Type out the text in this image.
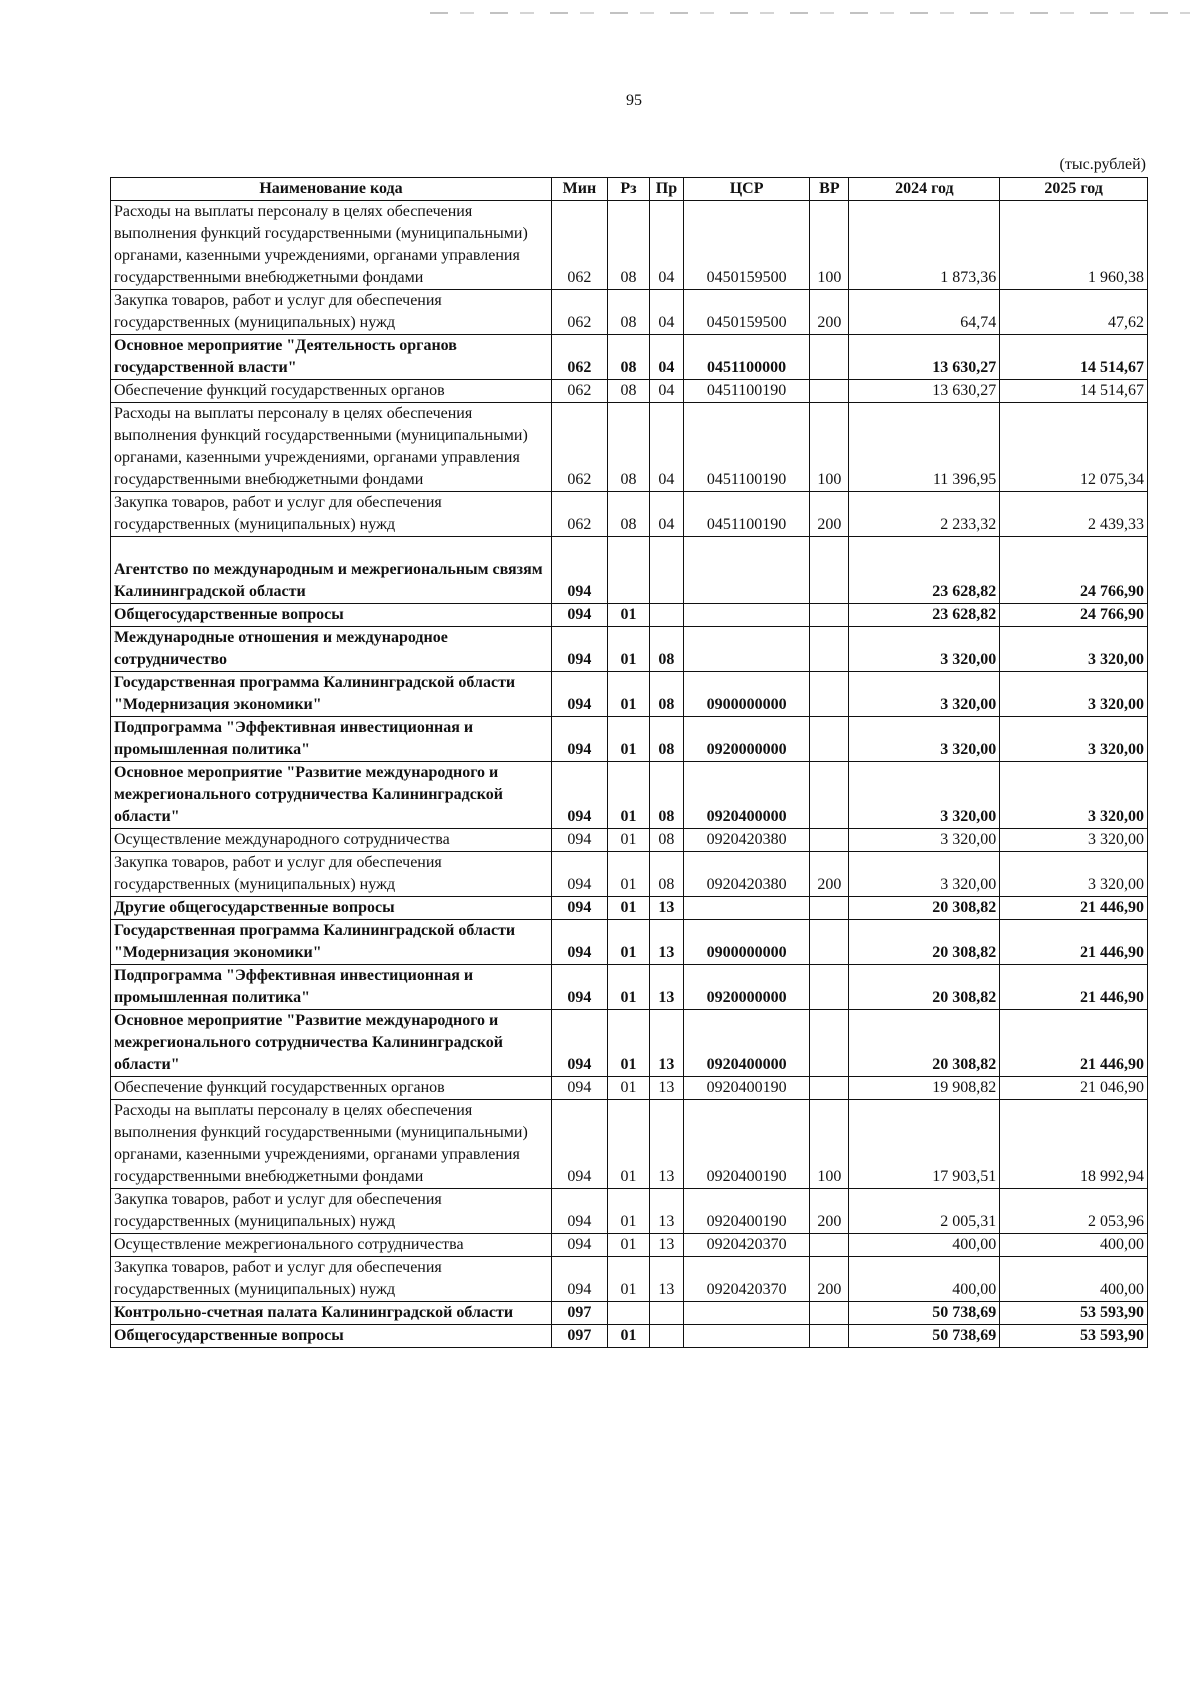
95
(тыс.рублей)
Наименование кода	Мин	Рз	Пр	ЦСР	ВР	2024 год	2025 год
Расходы на выплаты персоналу в целях обеспечения выполнения функций государственными (муниципальными) органами, казенными учреждениями, органами управления государственными внебюджетными фондами	062	08	04	0450159500	100	1 873,36	1 960,38
Закупка товаров, работ и услуг для обеспечения государственных (муниципальных) нужд	062	08	04	0450159500	200	64,74	47,62
Основное мероприятие "Деятельность органов государственной власти"	062	08	04	0451100000		13 630,27	14 514,67
Обеспечение функций государственных органов	062	08	04	0451100190		13 630,27	14 514,67
Расходы на выплаты персоналу в целях обеспечения выполнения функций государственными (муниципальными) органами, казенными учреждениями, органами управления государственными внебюджетными фондами	062	08	04	0451100190	100	11 396,95	12 075,34
Закупка товаров, работ и услуг для обеспечения государственных (муниципальных) нужд	062	08	04	0451100190	200	2 233,32	2 439,33
Агентство по международным и межрегиональным связям Калининградской области	094					23 628,82	24 766,90
Общегосударственные вопросы	094	01				23 628,82	24 766,90
Международные отношения и международное сотрудничество	094	01	08			3 320,00	3 320,00
Государственная программа Калининградской области "Модернизация экономики"	094	01	08	0900000000		3 320,00	3 320,00
Подпрограмма "Эффективная инвестиционная и промышленная политика"	094	01	08	0920000000		3 320,00	3 320,00
Основное мероприятие "Развитие международного и межрегионального сотрудничества Калининградской области"	094	01	08	0920400000		3 320,00	3 320,00
Осуществление международного сотрудничества	094	01	08	0920420380		3 320,00	3 320,00
Закупка товаров, работ и услуг для обеспечения государственных (муниципальных) нужд	094	01	08	0920420380	200	3 320,00	3 320,00
Другие общегосударственные вопросы	094	01	13			20 308,82	21 446,90
Государственная программа Калининградской области "Модернизация экономики"	094	01	13	0900000000		20 308,82	21 446,90
Подпрограмма "Эффективная инвестиционная и промышленная политика"	094	01	13	0920000000		20 308,82	21 446,90
Основное мероприятие "Развитие международного и межрегионального сотрудничества Калининградской области"	094	01	13	0920400000		20 308,82	21 446,90
Обеспечение функций государственных органов	094	01	13	0920400190		19 908,82	21 046,90
Расходы на выплаты персоналу в целях обеспечения выполнения функций государственными (муниципальными) органами, казенными учреждениями, органами управления государственными внебюджетными фондами	094	01	13	0920400190	100	17 903,51	18 992,94
Закупка товаров, работ и услуг для обеспечения государственных (муниципальных) нужд	094	01	13	0920400190	200	2 005,31	2 053,96
Осуществление межрегионального сотрудничества	094	01	13	0920420370		400,00	400,00
Закупка товаров, работ и услуг для обеспечения государственных (муниципальных) нужд	094	01	13	0920420370	200	400,00	400,00
Контрольно-счетная палата Калининградской области	097					50 738,69	53 593,90
Общегосударственные вопросы	097	01				50 738,69	53 593,90
